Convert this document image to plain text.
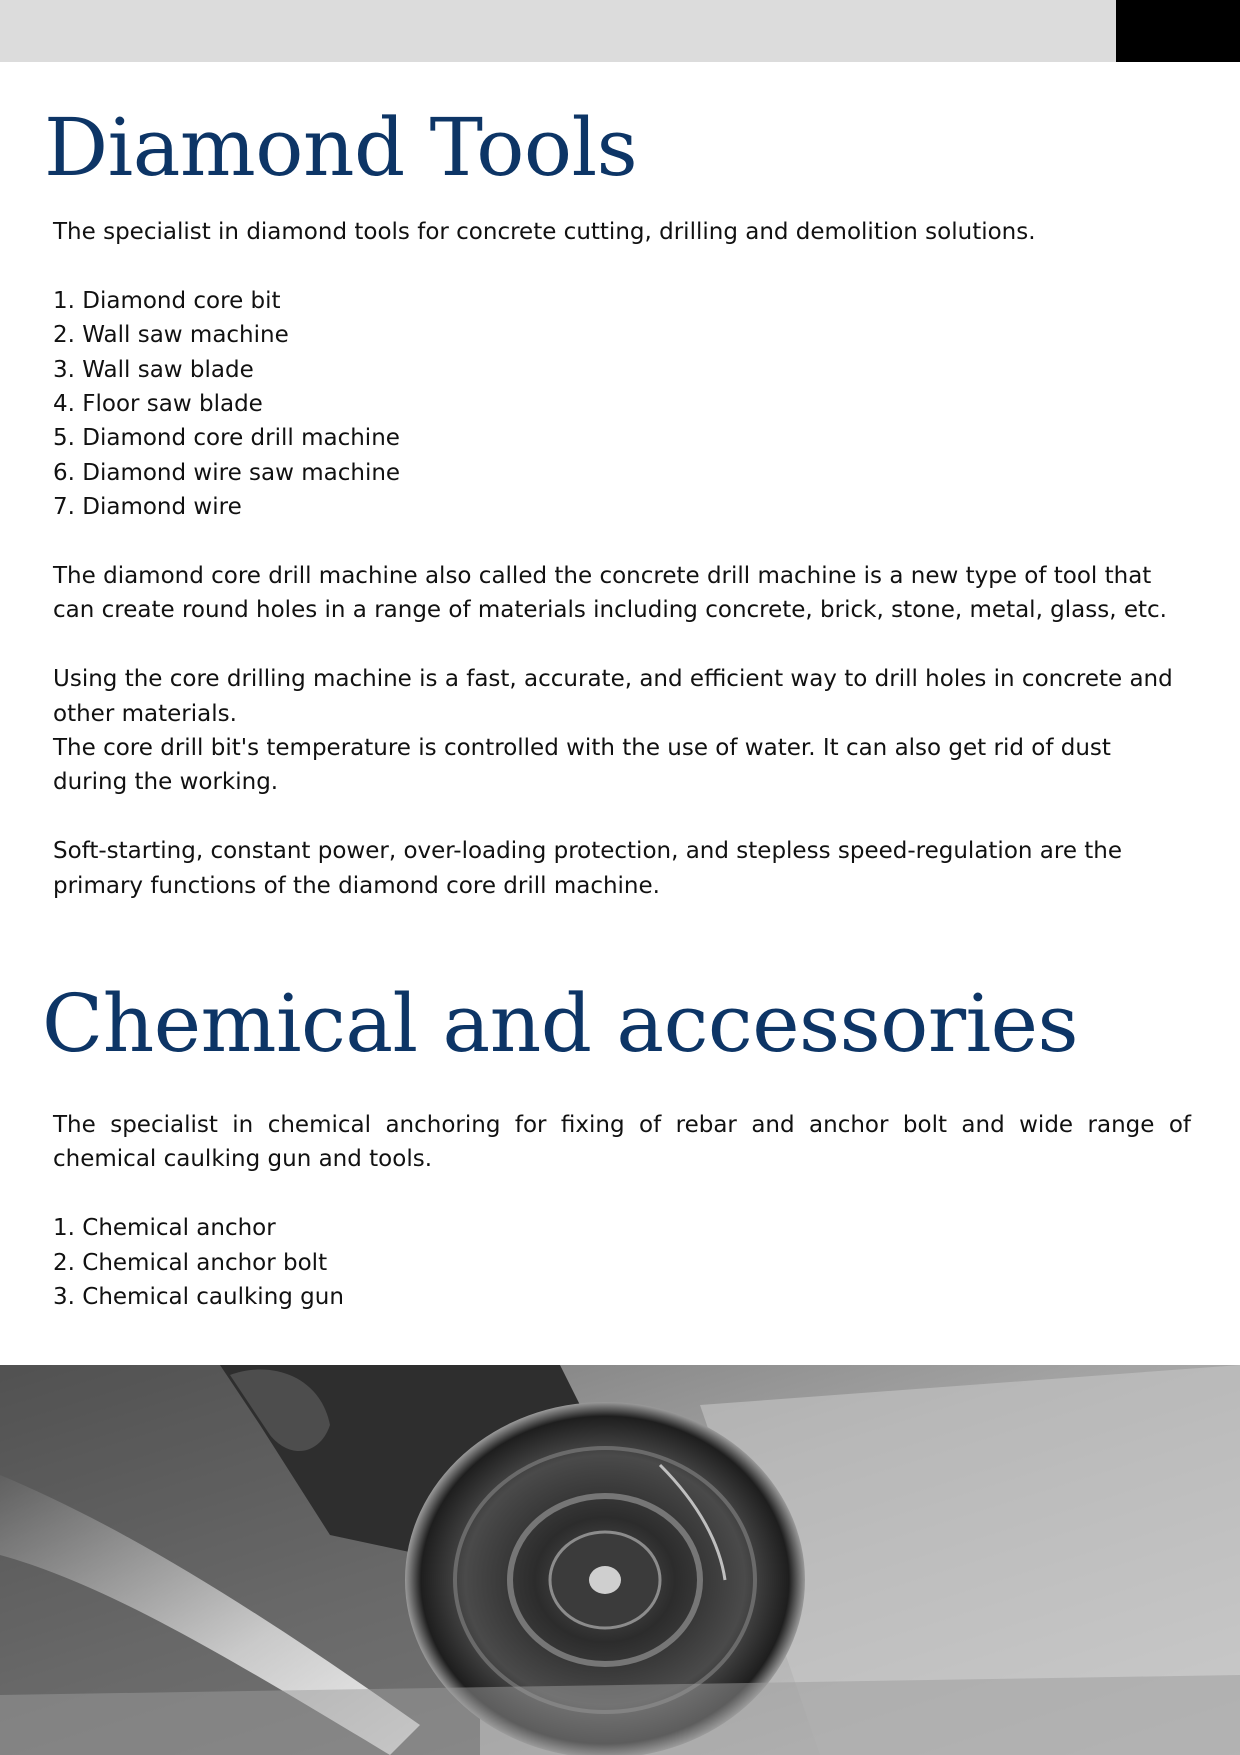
Diamond Tools

The specialist in diamond tools for concrete cutting, drilling and demolition solutions.

1. Diamond core bit

2. Wall saw machine

3. Wall saw blade

4. Floor saw blade

5. Diamond core drill machine

6. Diamond wire saw machine

7. Diamond wire

The diamond core drill machine also called the concrete drill machine is a new type of tool that can create round holes in a range of materials including concrete, brick, stone, metal, glass, etc.

Using the core drilling machine is a fast, accurate, and efficient way to drill holes in concrete and other materials.

The core drill bit's temperature is controlled with the use of water. It can also get rid of dust during the working.

Soft-starting, constant power, over-loading protection, and stepless speed-regulation are the primary functions of the diamond core drill machine.

Chemical and accessories

The specialist in chemical anchoring for fixing of rebar and anchor bolt and wide range of chemical caulking gun and tools.

1. Chemical anchor

2. Chemical anchor bolt

3. Chemical caulking gun
